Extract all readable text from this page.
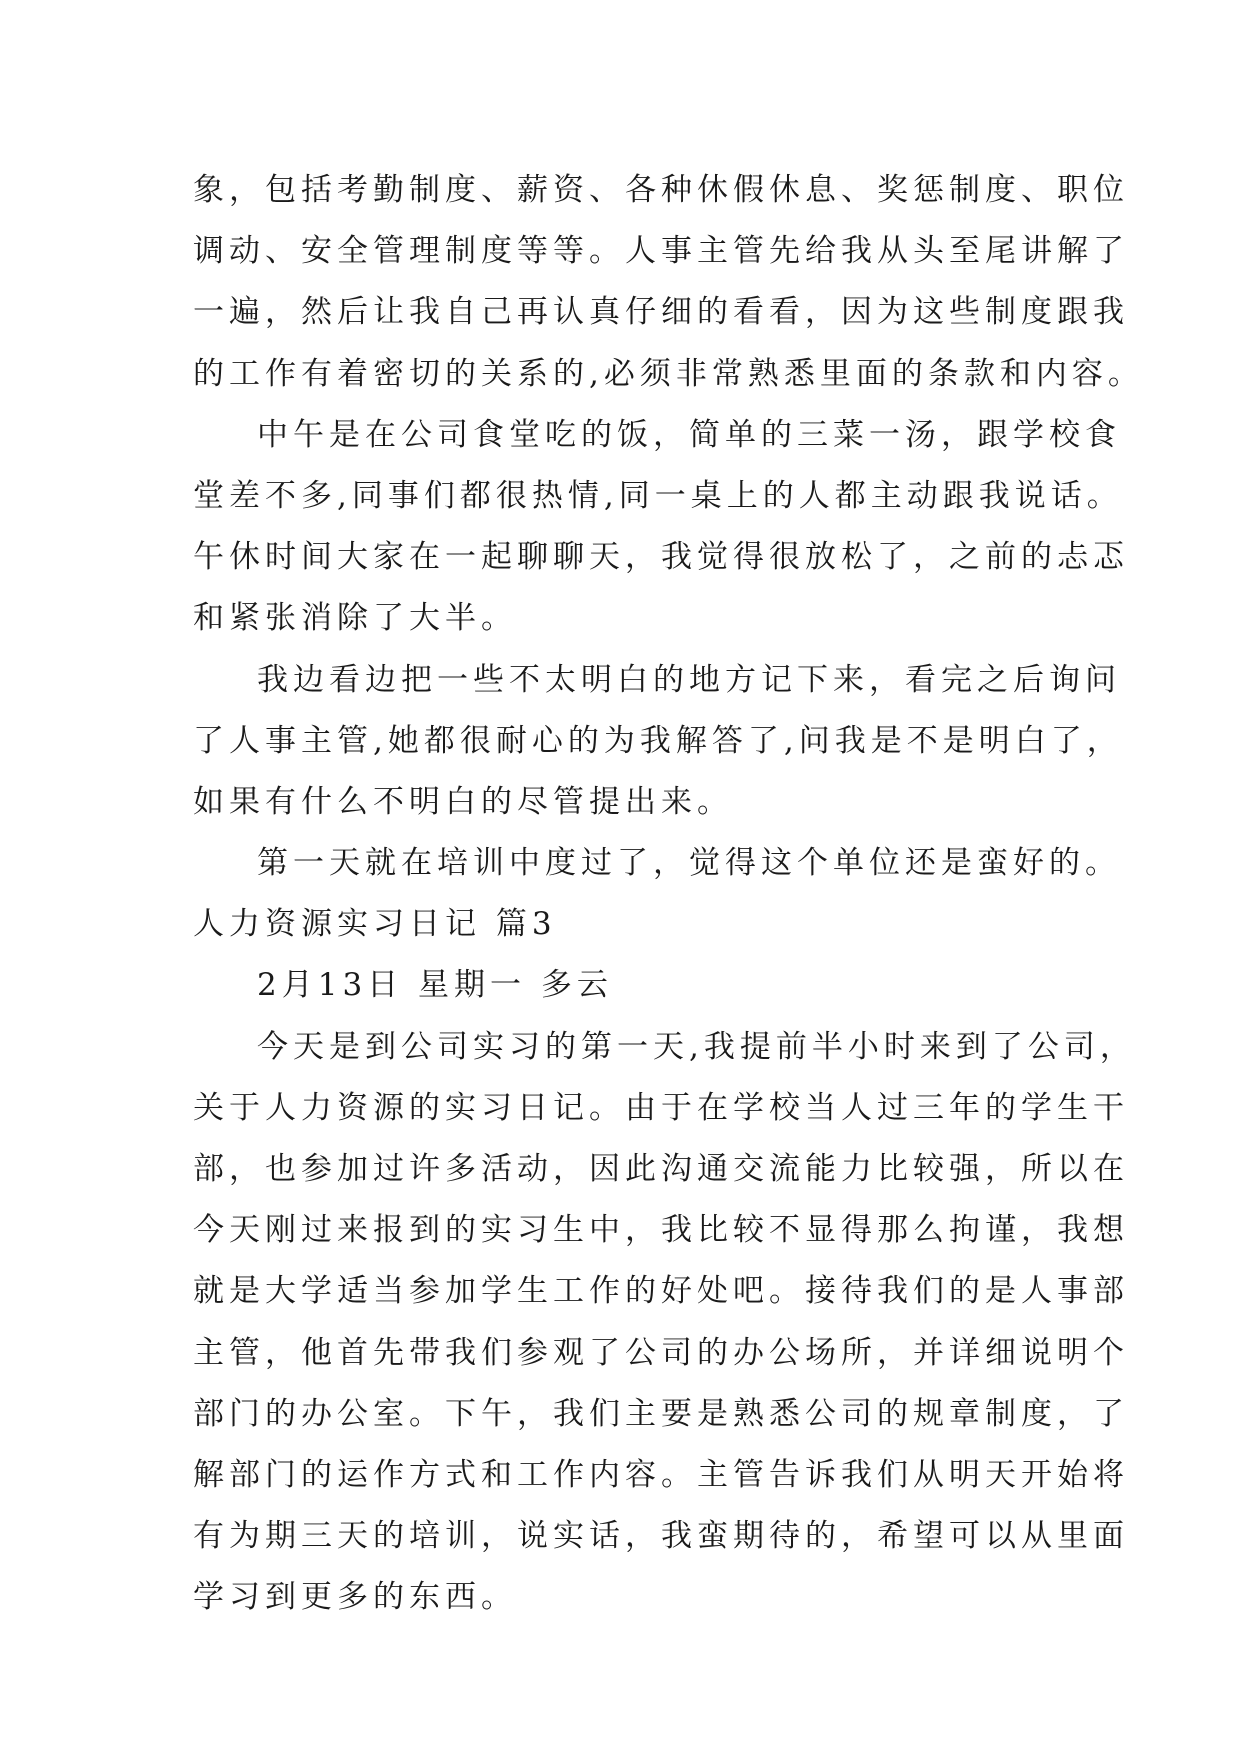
象，包括考勤制度、薪资、各种休假休息、奖惩制度、职位
调动、安全管理制度等等。人事主管先给我从头至尾讲解了
一遍，然后让我自己再认真仔细的看看，因为这些制度跟我
的工作有着密切的关系的,必须非常熟悉里面的条款和内容。
中午是在公司食堂吃的饭，简单的三菜一汤，跟学校食
堂差不多,同事们都很热情,同一桌上的人都主动跟我说话。
午休时间大家在一起聊聊天，我觉得很放松了，之前的忐忑
和紧张消除了大半。
我边看边把一些不太明白的地方记下来，看完之后询问
了人事主管,她都很耐心的为我解答了,问我是不是明白了，
如果有什么不明白的尽管提出来。
第一天就在培训中度过了，觉得这个单位还是蛮好的。
人力资源实习日记 篇3
2月13日 星期一 多云
今天是到公司实习的第一天,我提前半小时来到了公司，
关于人力资源的实习日记。由于在学校当人过三年的学生干
部，也参加过许多活动，因此沟通交流能力比较强，所以在
今天刚过来报到的实习生中，我比较不显得那么拘谨，我想
就是大学适当参加学生工作的好处吧。接待我们的是人事部
主管，他首先带我们参观了公司的办公场所，并详细说明个
部门的办公室。下午，我们主要是熟悉公司的规章制度，了
解部门的运作方式和工作内容。主管告诉我们从明天开始将
有为期三天的培训，说实话，我蛮期待的，希望可以从里面
学习到更多的东西。
